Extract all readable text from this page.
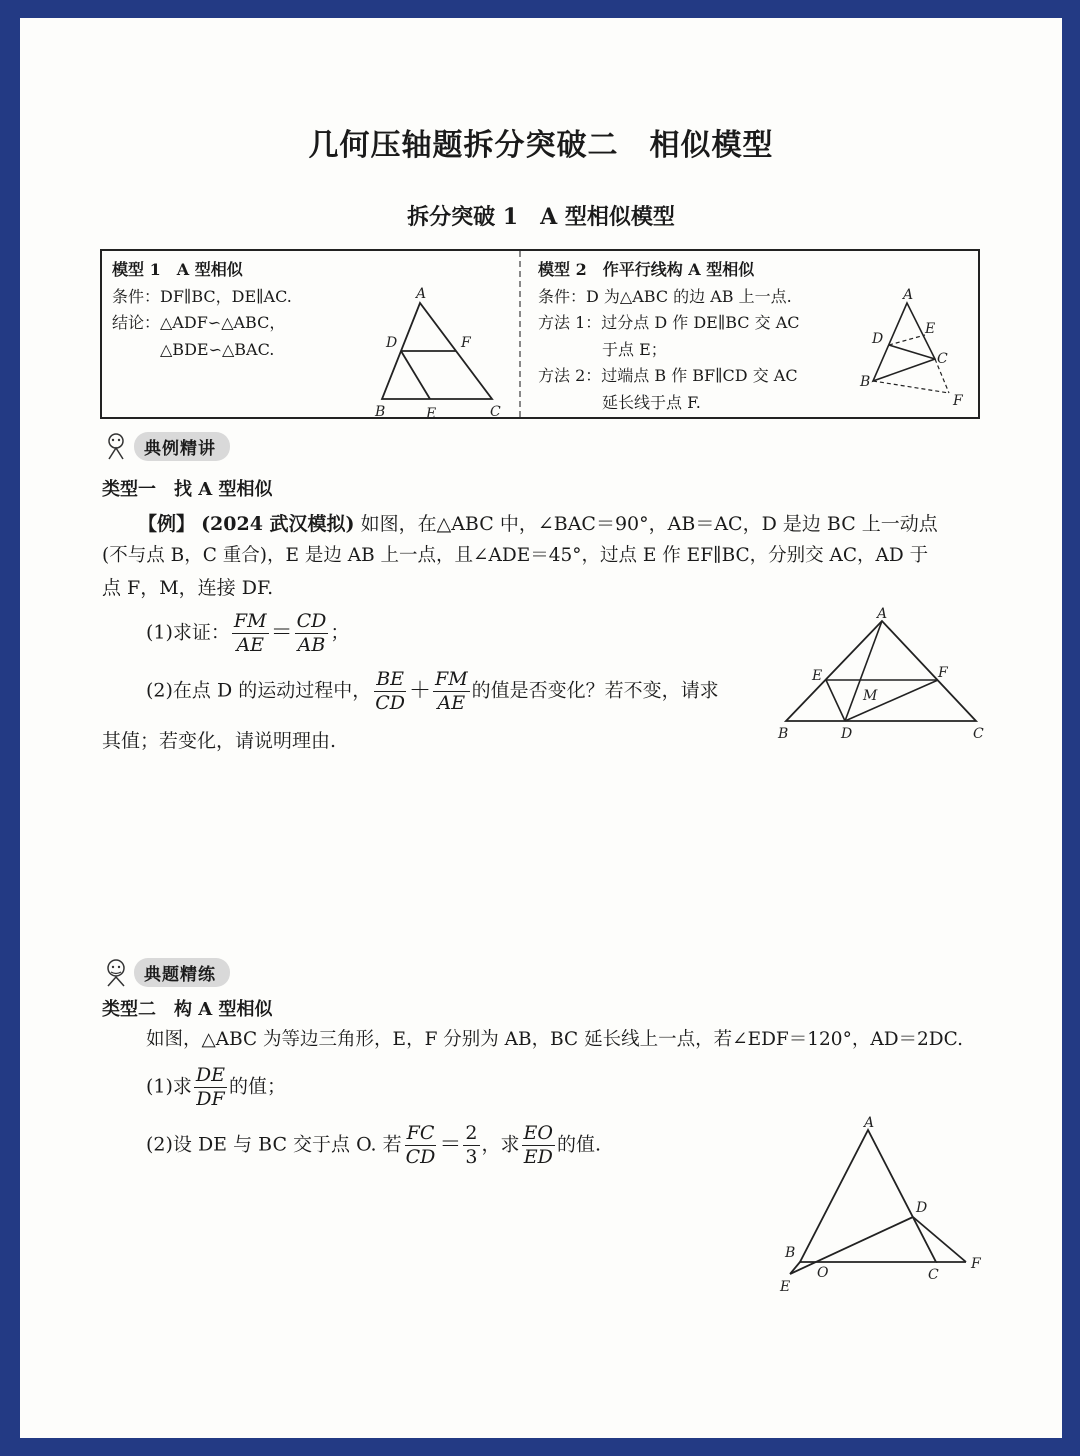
几何压轴题拆分突破二　相似模型
拆分突破 1　A 型相似模型
模型 1　A 型相似
条件：DF∥BC，DE∥AC.
结论：△ADF∽△ABC，
△BDE∽△BAC.
A
D	F
B	E	C
模型 2　作平行线构 A 型相似
条件：D 为△ABC 的边 AB 上一点.
方法 1：过分点 D 作 DE∥BC 交 AC
于点 E；
方法 2：过端点 B 作 BF∥CD 交 AC
延长线于点 F.
A
E
D
C
B
F
典例精讲
类型一　找 A 型相似
【例】 (2024 武汉模拟) 如图，在△ABC 中，∠BAC＝90°，AB＝AC，D 是边 BC 上一动点
(不与点 B，C 重合)，E 是边 AB 上一点，且∠ADE＝45°，过点 E 作 EF∥BC，分别交 AC，AD 于
点 F，M，连接 DF.
(1)求证： $\frac{FM}{AE} = \frac{CD}{AB}$ ；
(2)在点 D 的运动过程中， $\frac{BE}{CD} + \frac{FM}{AE}$ 的值是否变化？若不变，请求
其值；若变化，请说明理由.
A
E	F
M
B	D	C
典题精练
类型二　构 A 型相似
如图，△ABC 为等边三角形，E，F 分别为 AB，BC 延长线上一点，若∠EDF＝120°，AD＝2DC.
(1)求 $\frac{DE}{DF}$ 的值；
(2)设 DE 与 BC 交于点 O. 若 $\frac{FC}{CD} = \frac{2}{3}$ ，求 $\frac{EO}{ED}$ 的值.
A
D
B
O	C
F
E
